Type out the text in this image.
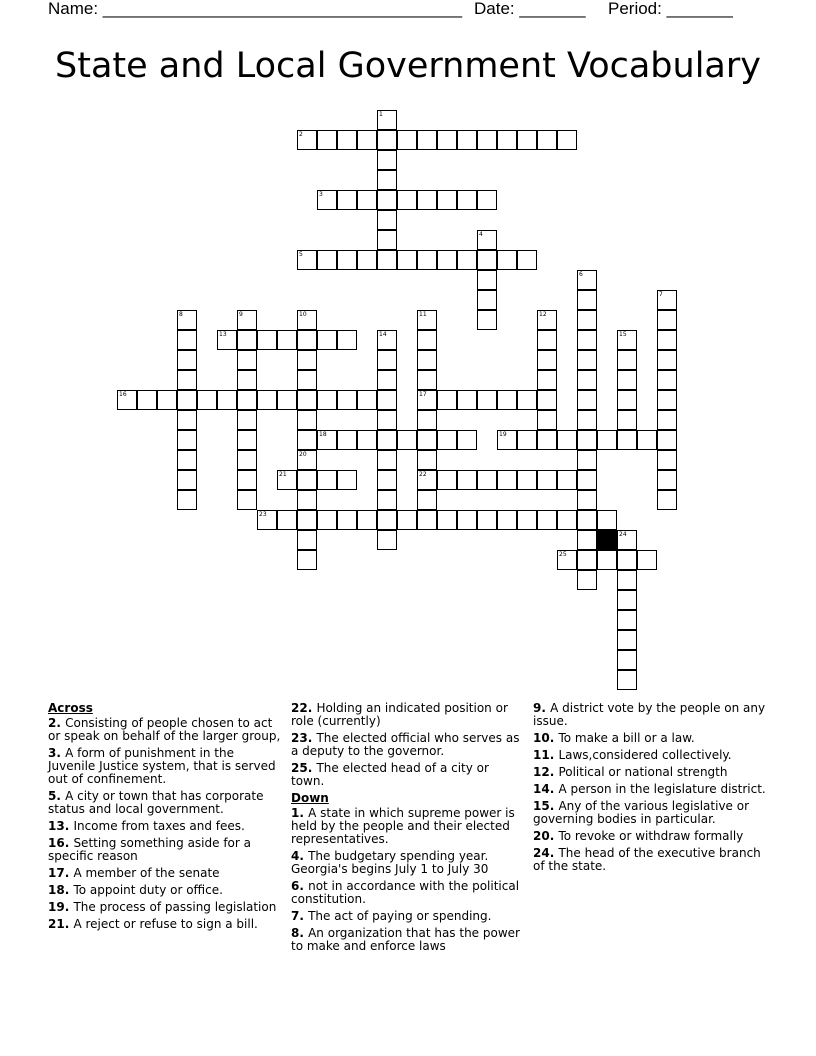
Name: ______________________________________ Date: _______ Period: _______
State and Local Government Vocabulary
1
2
3
4
5
6
7
8	9	10
20
11
17
22
12
13	14	15
16
18	19
21
23
24
25
Across
2. Consisting of people chosen to act or speak on behalf of the larger group,
3. A form of punishment in the Juvenile Justice system, that is served out of confinement.
5. A city or town that has corporate status and local government.
13. Income from taxes and fees.
16. Setting something aside for a specific reason
17. A member of the senate
18. To appoint duty or office.
19. The process of passing legislation
21. A reject or refuse to sign a bill.
22. Holding an indicated position or role (currently)
23. The elected official who serves as a deputy to the governor.
25. The elected head of a city or town.
Down
1. A state in which supreme power is held by the people and their elected representatives.
4. The budgetary spending year. Georgia's begins July 1 to July 30
6. not in accordance with the political constitution.
7. The act of paying or spending.
8. An organization that has the power to make and enforce laws
9. A district vote by the people on any issue.
10. To make a bill or a law.
11. Laws,considered collectively.
12. Political or national strength
14. A person in the legislature district.
15. Any of the various legislative or governing bodies in particular.
20. To revoke or withdraw formally
24. The head of the executive branch of the state.
